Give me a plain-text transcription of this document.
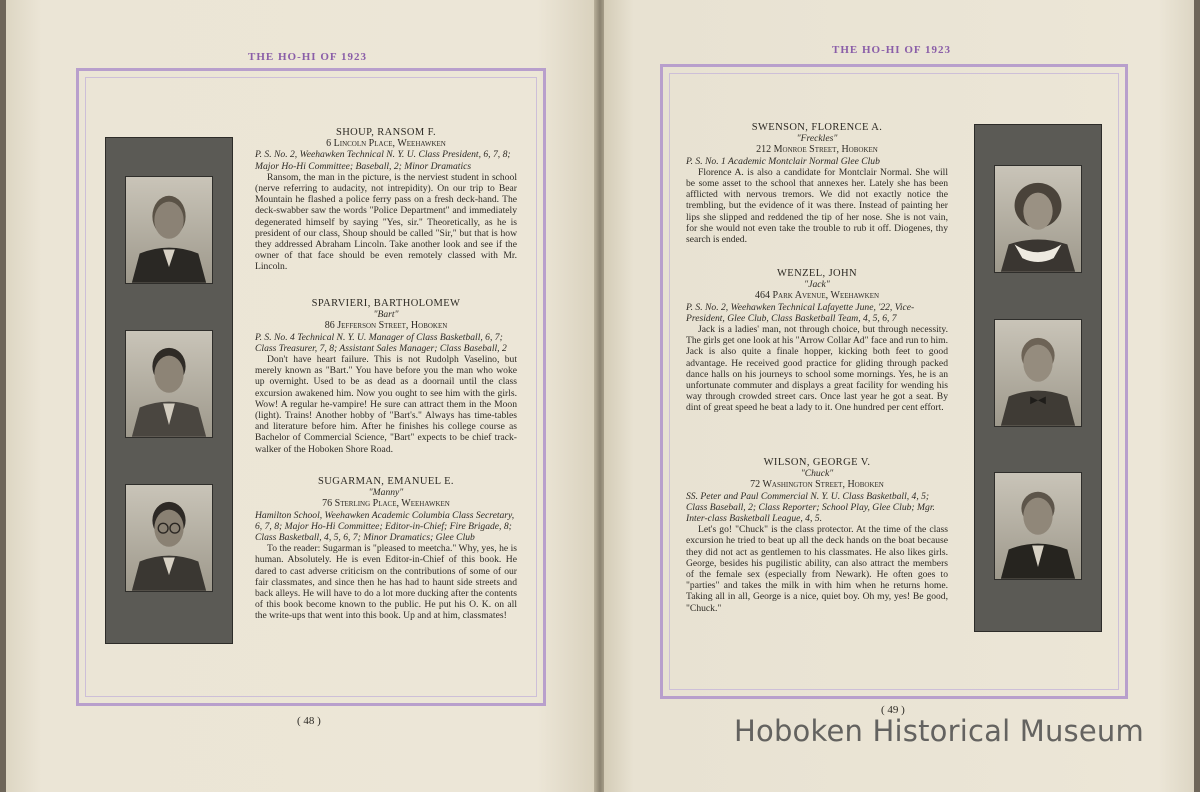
THE HO-HI OF 1923
SHOUP, RANSOM F.
6 Lincoln Place, Weehawken
P. S. No. 2, Weehawken Technical N. Y. U. Class President, 6, 7, 8; Major Ho-Hi Committee; Baseball, 2; Minor Dramatics
Ransom, the man in the picture, is the nerviest student in school (nerve referring to audacity, not intrepidity). On our trip to Bear Mountain he flashed a police ferry pass on a fresh deck-hand. The deck-swabber saw the words "Police Department" and immediately degenerated himself by saying "Yes, sir." Theoretically, as he is president of our class, Shoup should be called "Sir," but that is how they addressed Abraham Lincoln. Take another look and see if the owner of that face should be even remotely classed with Mr. Lincoln.
SPARVIERI, BARTHOLOMEW
"Bart"
86 Jefferson Street, Hoboken
P. S. No. 4 Technical N. Y. U. Manager of Class Basketball, 6, 7; Class Treasurer, 7, 8; Assistant Sales Manager; Class Baseball, 2
Don't have heart failure. This is not Rudolph Vaselino, but merely known as "Bart." You have before you the man who woke up overnight. Used to be as dead as a doornail until the class excursion awakened him. Now you ought to see him with the girls. Wow! A regular he-vampire! He sure can attract them in the Moon (light). Trains! Another hobby of "Bart's." Always has time-tables and literature before him. After he finishes his college course as Bachelor of Commercial Science, "Bart" expects to be chief track-walker of the Hoboken Shore Road.
SUGARMAN, EMANUEL E.
"Manny"
76 Sterling Place, Weehawken
Hamilton School, Weehawken Academic Columbia Class Secretary, 6, 7, 8; Major Ho-Hi Committee; Editor-in-Chief; Fire Brigade, 8; Class Basketball, 4, 5, 6, 7; Minor Dramatics; Glee Club
To the reader: Sugarman is "pleased to meetcha." Why, yes, he is human. Absolutely. He is even Editor-in-Chief of this book. He dared to cast adverse criticism on the contributions of some of our fair classmates, and since then he has had to haunt side streets and back alleys. He will have to do a lot more ducking after the contents of this book become known to the public. He put his O. K. on all the write-ups that went into this book. Up and at him, classmates!
( 48 )
THE HO-HI OF 1923
SWENSON, FLORENCE A.
"Freckles"
212 Monroe Street, Hoboken
P. S. No. 1 Academic Montclair Normal Glee Club
Florence A. is also a candidate for Montclair Normal. She will be some asset to the school that annexes her. Lately she has been afflicted with nervous tremors. We did not exactly notice the trembling, but the evidence of it was there. Instead of painting her lips she slipped and reddened the tip of her nose. She is not vain, for she would not even take the trouble to rub it off. Diogenes, thy search is ended.
WENZEL, JOHN
"Jack"
464 Park Avenue, Weehawken
P. S. No. 2, Weehawken Technical Lafayette June, '22, Vice-President, Glee Club, Class Basketball Team, 4, 5, 6, 7
Jack is a ladies' man, not through choice, but through necessity. The girls get one look at his "Arrow Collar Ad" face and run to him. Jack is also quite a finale hopper, kicking both feet to good advantage. He received good practice for gliding through packed dance halls on his journeys to school some mornings. Yes, he is an unfortunate commuter and displays a great facility for wending his way through crowded street cars. Once last year he got a seat. By dint of great speed he beat a lady to it. One hundred per cent effort.
WILSON, GEORGE V.
"Chuck"
72 Washington Street, Hoboken
SS. Peter and Paul Commercial N. Y. U. Class Basketball, 4, 5; Class Baseball, 2; Class Reporter; School Play, Glee Club; Mgr. Inter-class Basketball League, 4, 5.
Let's go! "Chuck" is the class protector. At the time of the class excursion he tried to beat up all the deck hands on the boat because they did not act as gentlemen to his classmates. He also likes girls. George, besides his pugilistic ability, can also attract the members of the female sex (especially from Newark). He often goes to "parties" and takes the milk in with him when he returns home. Taking all in all, George is a nice, quiet boy. Oh my, yes! Be good, "Chuck."
( 49 )
Hoboken Historical Museum
